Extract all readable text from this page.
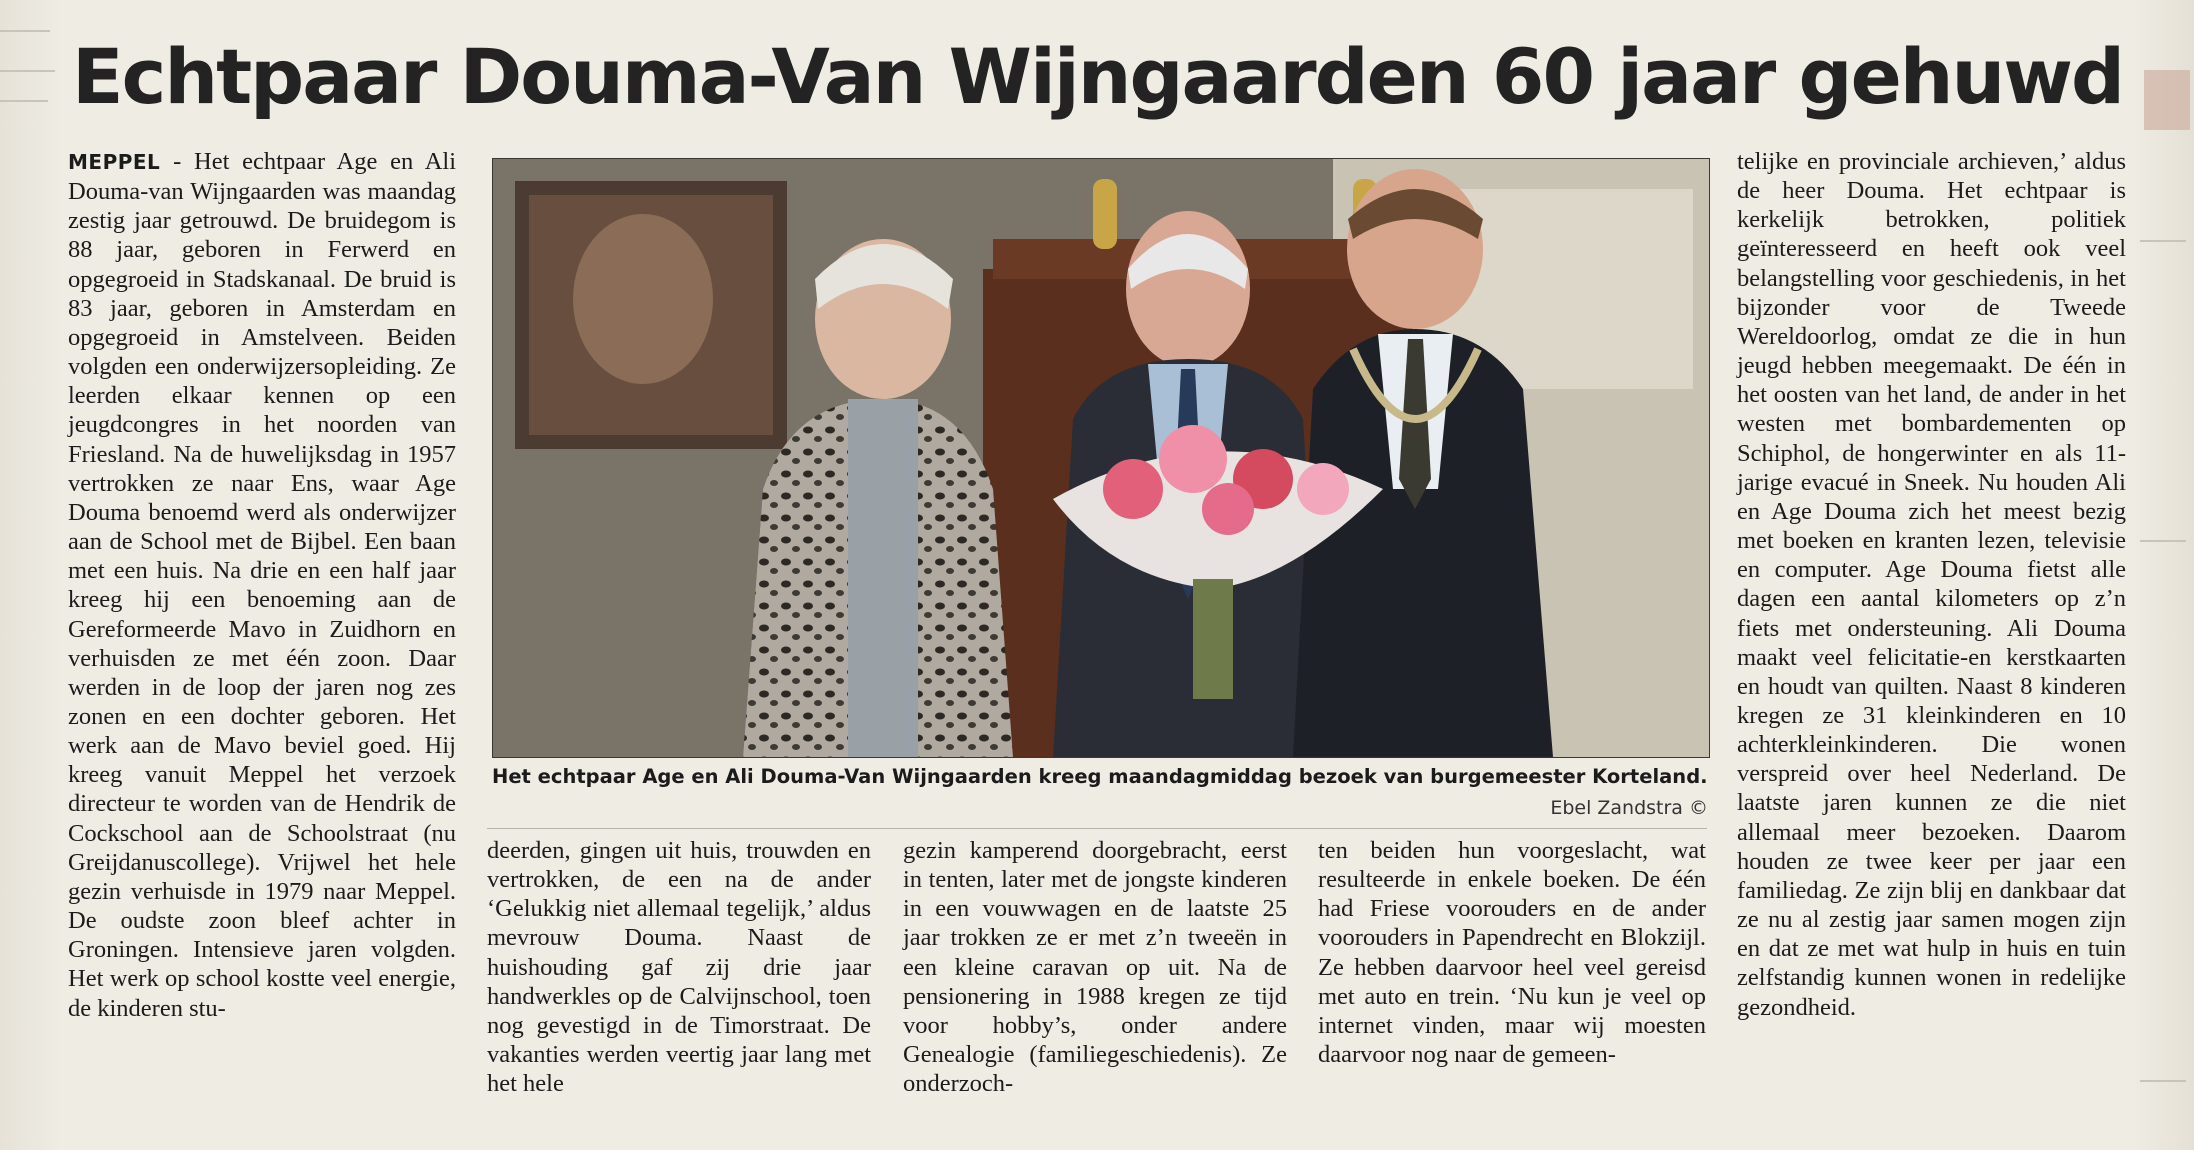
Echtpaar Douma-Van Wijngaarden 60 jaar gehuwd

MEPPEL - Het echtpaar Age en Ali Douma-van Wijngaarden was maandag zestig jaar getrouwd. De bruidegom is 88 jaar, geboren in Ferwerd en opgegroeid in Stadskanaal. De bruid is 83 jaar, geboren in Amsterdam en opgegroeid in Amstelveen. Beiden volgden een onderwijzersopleiding. Ze leerden elkaar kennen op een jeugdcongres in het noorden van Friesland. Na de huwelijksdag in 1957 vertrokken ze naar Ens, waar Age Douma benoemd werd als onderwijzer aan de School met de Bijbel. Een baan met een huis. Na drie en een half jaar kreeg hij een benoeming aan de Gereformeerde Mavo in Zuidhorn en verhuisden ze met één zoon. Daar werden in de loop der jaren nog zes zonen en een dochter geboren. Het werk aan de Mavo beviel goed. Hij kreeg vanuit Meppel het verzoek directeur te worden van de Hendrik de Cockschool aan de Schoolstraat (nu Greijdanuscollege). Vrijwel het hele gezin verhuisde in 1979 naar Meppel. De oudste zoon bleef achter in Groningen. Intensieve jaren volgden. Het werk op school kostte veel energie, de kinderen stu-

Het echtpaar Age en Ali Douma-Van Wijngaarden kreeg maandagmiddag bezoek van burgemeester Korteland.
Ebel Zandstra ©

deerden, gingen uit huis, trouwden en vertrokken, de een na de ander ‘Gelukkig niet allemaal tegelijk,’ aldus mevrouw Douma. Naast de huishouding gaf zij drie jaar handwerkles op de Calvijnschool, toen nog gevestigd in de Timorstraat. De vakanties werden veertig jaar lang met het hele

gezin kamperend doorgebracht, eerst in tenten, later met de jongste kinderen in een vouwwagen en de laatste 25 jaar trokken ze er met z’n tweeën in een kleine caravan op uit. Na de pensionering in 1988 kregen ze tijd voor hobby’s, onder andere Genealogie (familiegeschiedenis). Ze onderzoch-

ten beiden hun voorgeslacht, wat resulteerde in enkele boeken. De één had Friese voorouders en de ander voorouders in Papendrecht en Blokzijl. Ze hebben daarvoor heel veel gereisd met auto en trein. ‘Nu kun je veel op internet vinden, maar wij moesten daarvoor nog naar de gemeen-

telijke en provinciale archieven,’ aldus de heer Douma. Het echtpaar is kerkelijk betrokken, politiek geïnteresseerd en heeft ook veel belangstelling voor geschiedenis, in het bijzonder voor de Tweede Wereldoorlog, omdat ze die in hun jeugd hebben meegemaakt. De één in het oosten van het land, de ander in het westen met bombardementen op Schiphol, de hongerwinter en als 11-jarige evacué in Sneek. Nu houden Ali en Age Douma zich het meest bezig met boeken en kranten lezen, televisie en computer. Age Douma fietst alle dagen een aantal kilometers op z’n fiets met ondersteuning. Ali Douma maakt veel felicitatie-en kerstkaarten en houdt van quilten. Naast 8 kinderen kregen ze 31 kleinkinderen en 10 achterkleinkinderen. Die wonen verspreid over heel Nederland. De laatste jaren kunnen ze die niet allemaal meer bezoeken. Daarom houden ze twee keer per jaar een familiedag. Ze zijn blij en dankbaar dat ze nu al zestig jaar samen mogen zijn en dat ze met wat hulp in huis en tuin zelfstandig kunnen wonen in redelijke gezondheid.
